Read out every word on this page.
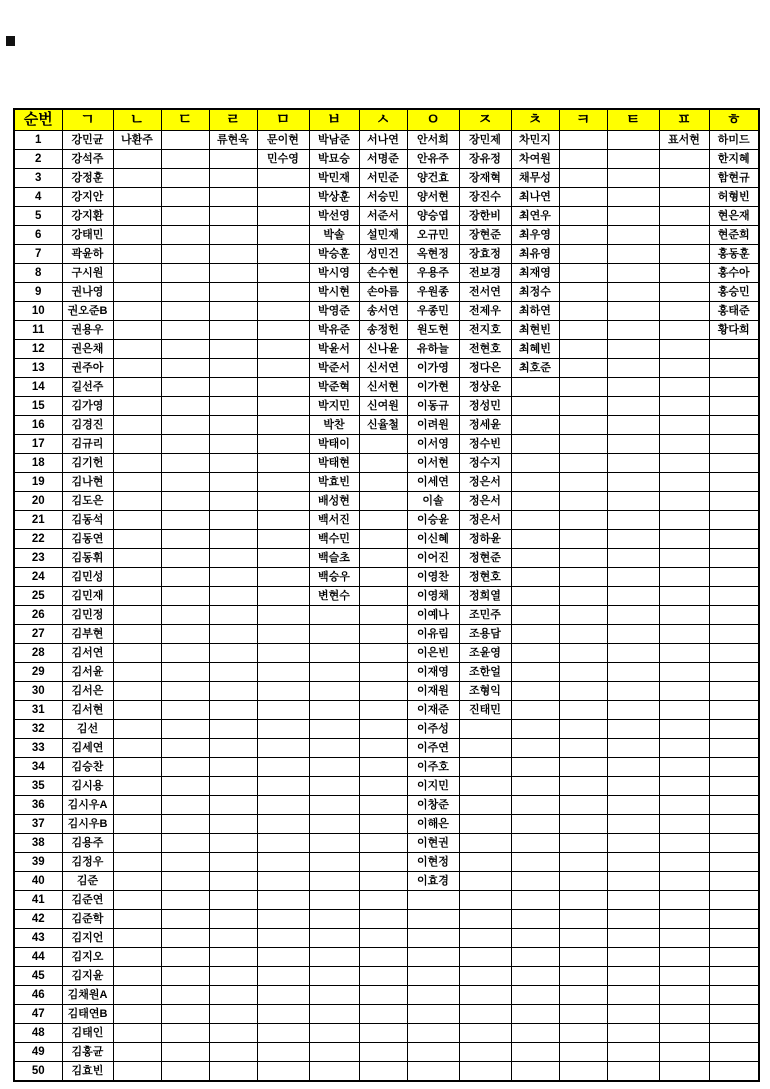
순번	ㄱ	ㄴ	ㄷ	ㄹ	ㅁ	ㅂ	ㅅ	ㅇ	ㅈ	ㅊ	ㅋ	ㅌ	ㅍ	ㅎ
1	강민균	나환주		류현욱	문이현	박남준	서나연	안서희	장민제	차민지			표서현	하미드
2	강석주				민수영	박묘승	서명준	안유주	장유정	차여원				한지혜
3	강정훈					박민재	서민준	양건효	장재혁	채무성				함현규
4	강지안					박상훈	서승민	양서현	장진수	최나연				허형빈
5	강지환					박선영	서준서	양승엽	장한비	최연우				현은재
6	강태민					박솔	설민재	오규민	장현준	최우영				현준희
7	곽윤하					박승훈	성민건	옥현정	장효정	최유영				홍동훈
8	구시원					박시영	손수현	우용주	전보경	최재영				홍수아
9	권나영					박시현	손아름	우원종	전서연	최정수				홍승민
10	권오준B					박영준	송서연	우종민	전제우	최하연				홍태준
11	권용우					박유준	송정헌	원도현	전지호	최현빈				황다희
12	권은채					박윤서	신나윤	유하늘	전현호	최혜빈				
13	권주아					박준서	신서연	이가영	정다은	최호준				
14	길선주					박준혁	신서현	이가현	정상운					
15	김가영					박지민	신여원	이동규	정성민					
16	김경진					박찬	신율철	이려원	정세윤					
17	김규리					박태이		이서영	정수빈					
18	김기헌					박태현		이서현	정수지					
19	김나현					박효빈		이세연	정은서					
20	김도은					배성현		이솔	정은서					
21	김동석					백서진		이승윤	정은서					
22	김동연					백수민		이신혜	정하윤					
23	김동휘					백슬초		이어진	정현준					
24	김민성					백승우		이영찬	정현호					
25	김민재					변현수		이영채	정희열					
26	김민정							이예나	조민주					
27	김부현							이유림	조용담					
28	김서연							이은빈	조윤영					
29	김서윤							이재영	조한얼					
30	김서은							이재원	조형익					
31	김서현							이재준	진태민					
32	김선							이주성						
33	김세연							이주연						
34	김승찬							이주호						
35	김시용							이지민						
36	김시우A							이창준						
37	김시우B							이해은						
38	김용주							이현권						
39	김정우							이현정						
40	김준							이효경						
41	김준연													
42	김준학													
43	김지언													
44	김지오													
45	김지윤													
46	김채원A													
47	김태연B													
48	김태인													
49	김홍균													
50	김효빈													
